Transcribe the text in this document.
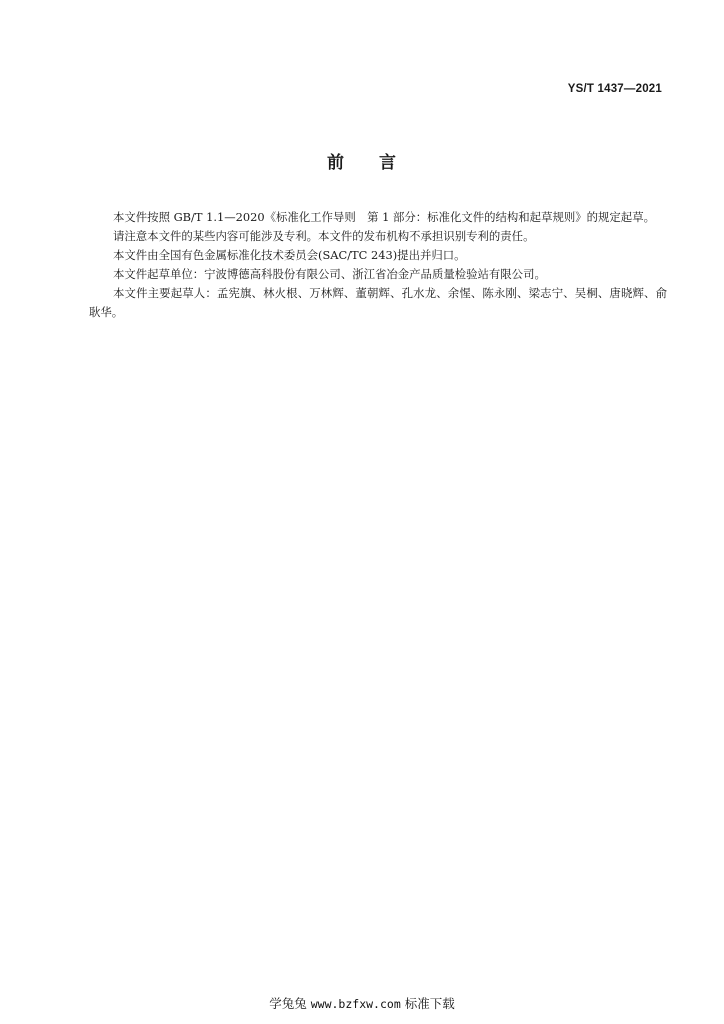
YS/T 1437—2021
前 言

本文件按照 GB/T 1.1—2020《标准化工作导则　第 1 部分：标准化文件的结构和起草规则》的规定起草。

请注意本文件的某些内容可能涉及专利。本文件的发布机构不承担识别专利的责任。

本文件由全国有色金属标准化技术委员会(SAC/TC 243)提出并归口。

本文件起草单位：宁波博德高科股份有限公司、浙江省冶金产品质量检验站有限公司。

本文件主要起草人：孟宪旗、林火根、万林辉、董朝辉、孔水龙、余惺、陈永刚、梁志宁、吴桐、唐晓辉、俞耿华。

学兔兔 www.bzfxw.com 标准下载
